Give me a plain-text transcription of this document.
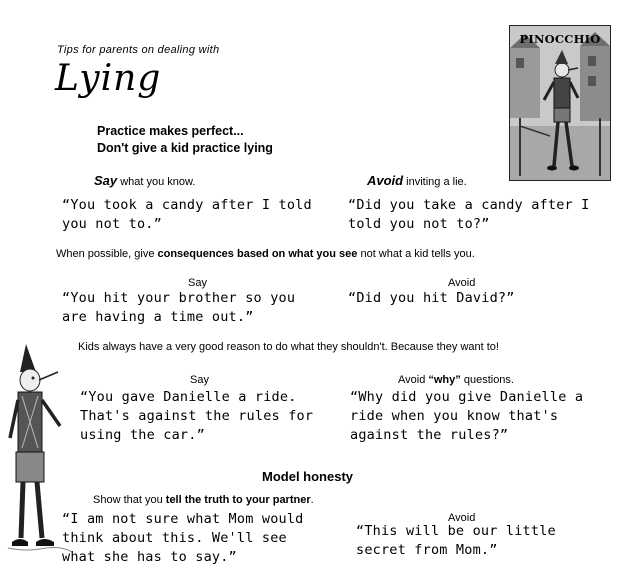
Tips for parents on dealing with
Lying
PINOCCHIO
Practice makes perfect...
Don't give a kid practice lying
Say what you know.	Avoid inviting a lie.
“You took a candy after I told you not to.”
“Did you take a candy after I told you not to?”
When possible, give consequences based on what you see not what a kid tells you.
Say	Avoid
“You hit your brother so you are having a time out.”
“Did you hit David?”
Kids always have a very good reason to do what they shouldn't. Because they want to!
Say	Avoid “why” questions.
“You gave Danielle a ride. That's against the rules for using the car.”
“Why did you give Danielle a ride when you know that's against the rules?”
Model honesty
Show that you tell the truth to your partner.
Avoid
“I am not sure what Mom would think about this. We'll see what she has to say.”
“This will be our little secret from Mom.”
